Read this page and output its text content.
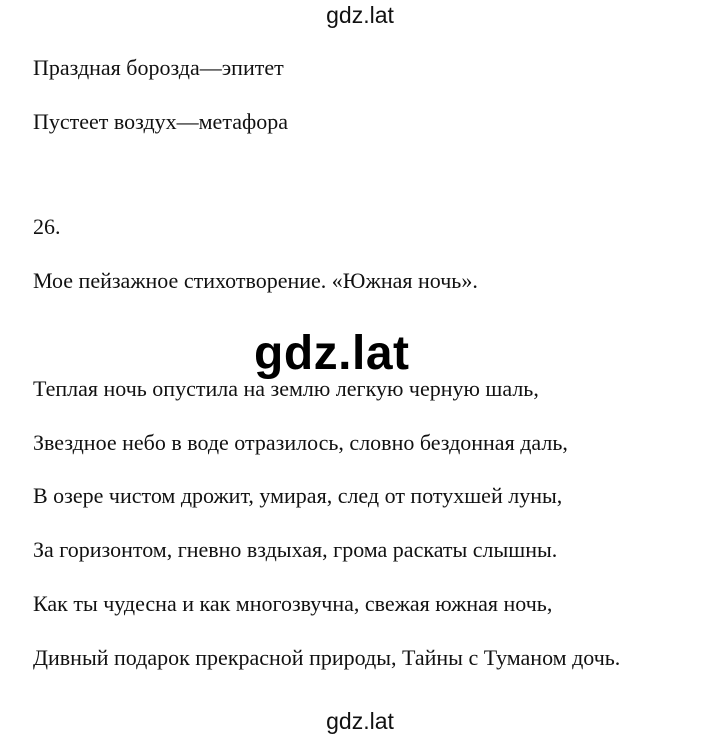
gdz.lat
Праздная борозда—эпитет
Пустеет воздух—метафора
26.
Мое пейзажное стихотворение. «Южная ночь».
gdz.lat
Теплая ночь опустила на землю легкую черную шаль,
Звездное небо в воде отразилось, словно бездонная даль,
В озере чистом дрожит, умирая, след от потухшей луны,
За горизонтом, гневно вздыхая, грома раскаты слышны.
Как ты чудесна и как многозвучна, свежая южная ночь,
Дивный подарок прекрасной природы, Тайны с Туманом дочь.
gdz.lat
